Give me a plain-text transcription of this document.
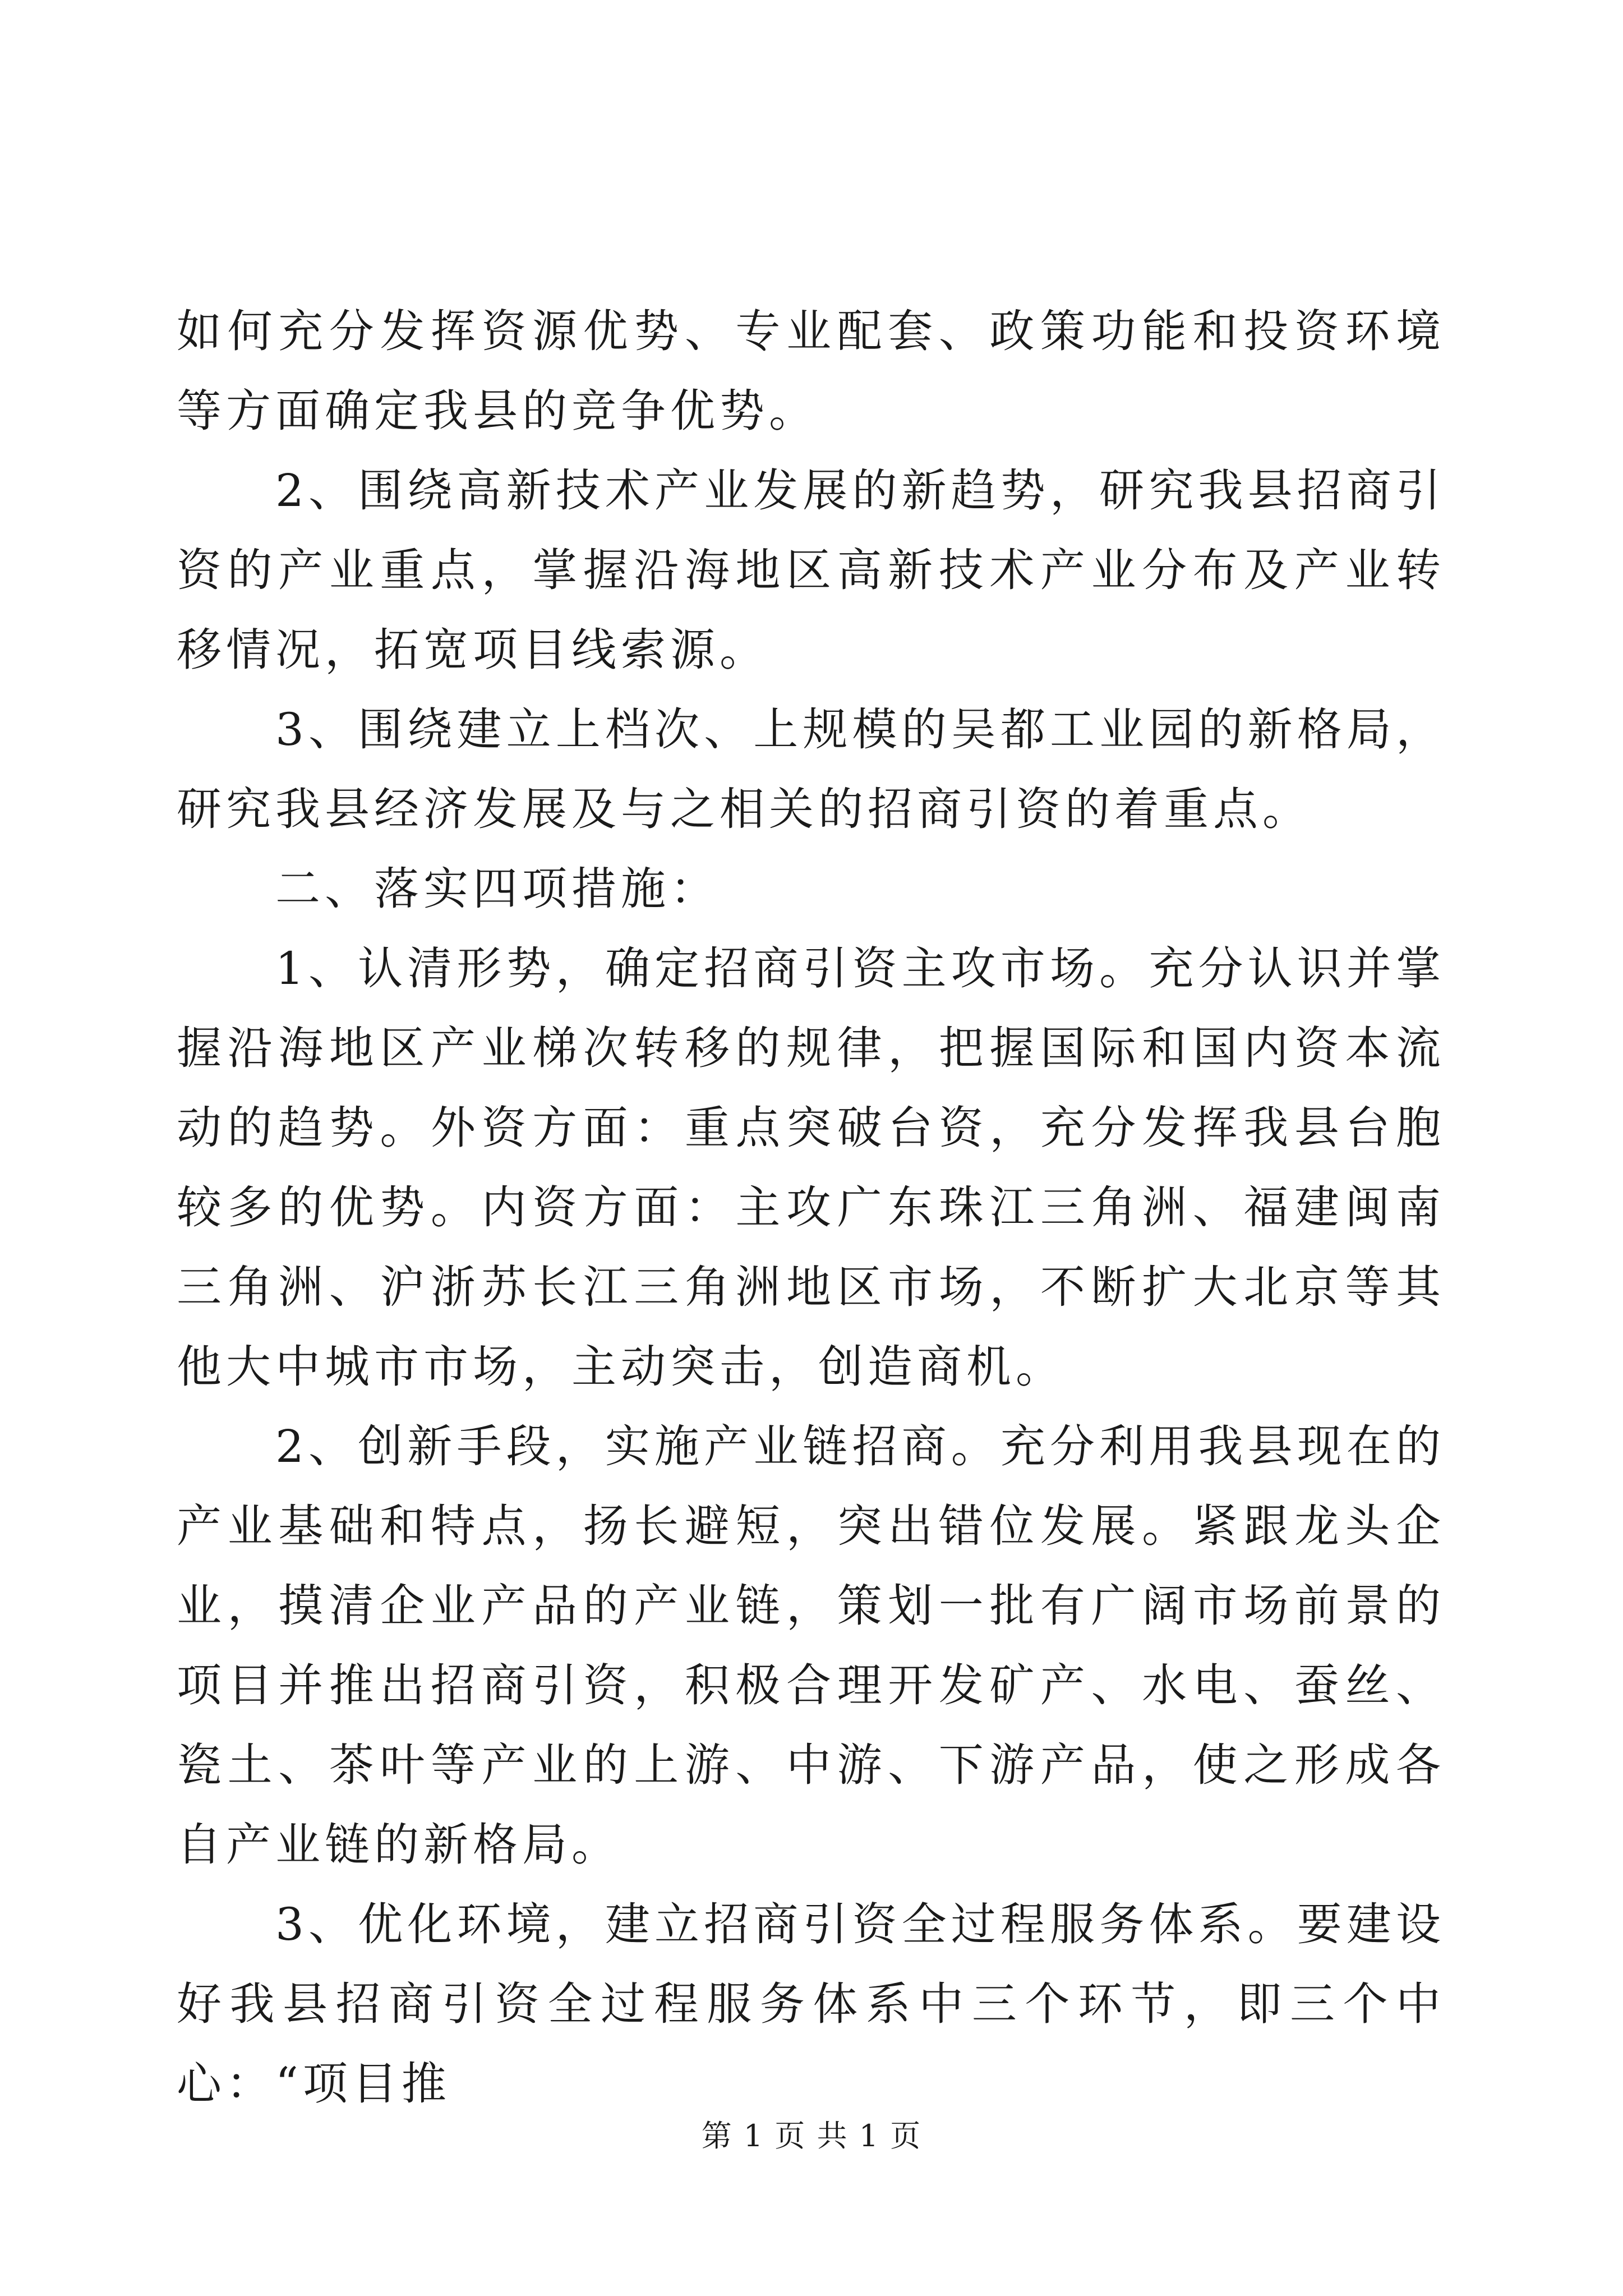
如何充分发挥资源优势、专业配套、政策功能和投资环境等方面确定我县的竞争优势。

2、围绕高新技术产业发展的新趋势，研究我县招商引资的产业重点，掌握沿海地区高新技术产业分布及产业转移情况，拓宽项目线索源。

3、围绕建立上档次、上规模的吴都工业园的新格局，研究我县经济发展及与之相关的招商引资的着重点。

二、落实四项措施：

1、认清形势，确定招商引资主攻市场。充分认识并掌握沿海地区产业梯次转移的规律，把握国际和国内资本流动的趋势。外资方面：重点突破台资，充分发挥我县台胞较多的优势。内资方面：主攻广东珠江三角洲、福建闽南三角洲、沪浙苏长江三角洲地区市场，不断扩大北京等其他大中城市市场，主动突击，创造商机。

2、创新手段，实施产业链招商。充分利用我县现在的产业基础和特点，扬长避短，突出错位发展。紧跟龙头企业，摸清企业产品的产业链，策划一批有广阔市场前景的项目并推出招商引资，积极合理开发矿产、水电、蚕丝、瓷土、茶叶等产业的上游、中游、下游产品，使之形成各自产业链的新格局。

3、优化环境，建立招商引资全过程服务体系。要建设好我县招商引资全过程服务体系中三个环节，即三个中心：“项目推

第 1 页 共 1 页
